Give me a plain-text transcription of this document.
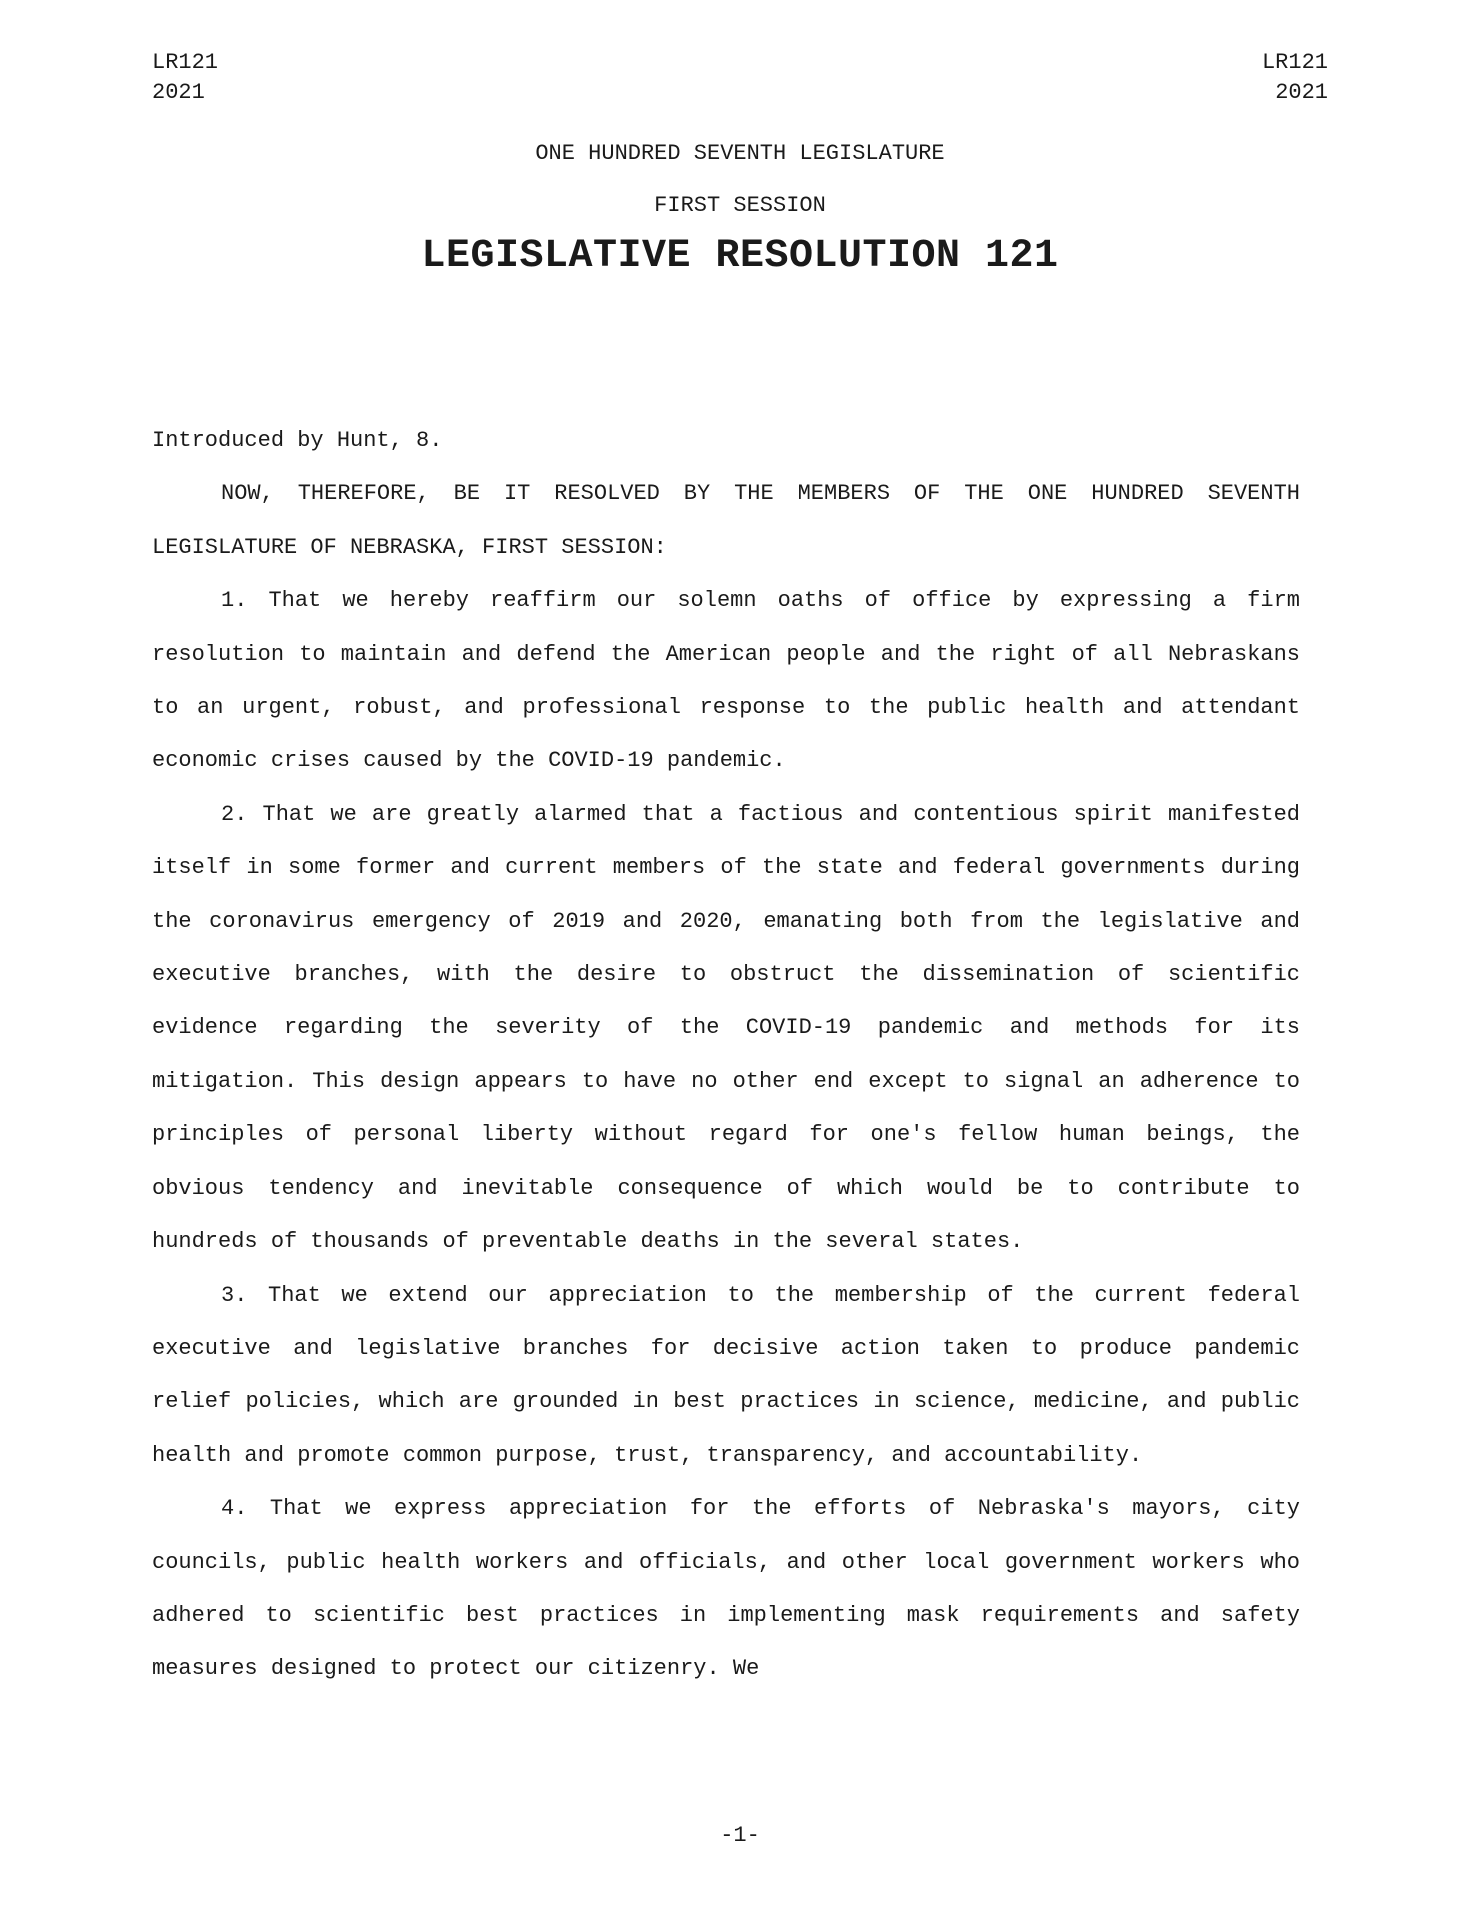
LR121
2021
LR121
2021
ONE HUNDRED SEVENTH LEGISLATURE
FIRST SESSION
LEGISLATIVE RESOLUTION 121

Introduced by Hunt, 8.

NOW, THEREFORE, BE IT RESOLVED BY THE MEMBERS OF THE ONE HUNDRED SEVENTH LEGISLATURE OF NEBRASKA, FIRST SESSION:

1. That we hereby reaffirm our solemn oaths of office by expressing a firm resolution to maintain and defend the American people and the right of all Nebraskans to an urgent, robust, and professional response to the public health and attendant economic crises caused by the COVID-19 pandemic.

2. That we are greatly alarmed that a factious and contentious spirit manifested itself in some former and current members of the state and federal governments during the coronavirus emergency of 2019 and 2020, emanating both from the legislative and executive branches, with the desire to obstruct the dissemination of scientific evidence regarding the severity of the COVID-19 pandemic and methods for its mitigation. This design appears to have no other end except to signal an adherence to principles of personal liberty without regard for one's fellow human beings, the obvious tendency and inevitable consequence of which would be to contribute to hundreds of thousands of preventable deaths in the several states.

3. That we extend our appreciation to the membership of the current federal executive and legislative branches for decisive action taken to produce pandemic relief policies, which are grounded in best practices in science, medicine, and public health and promote common purpose, trust, transparency, and accountability.

4. That we express appreciation for the efforts of Nebraska's mayors, city councils, public health workers and officials, and other local government workers who adhered to scientific best practices in implementing mask requirements and safety measures designed to protect our citizenry. We

-1-
